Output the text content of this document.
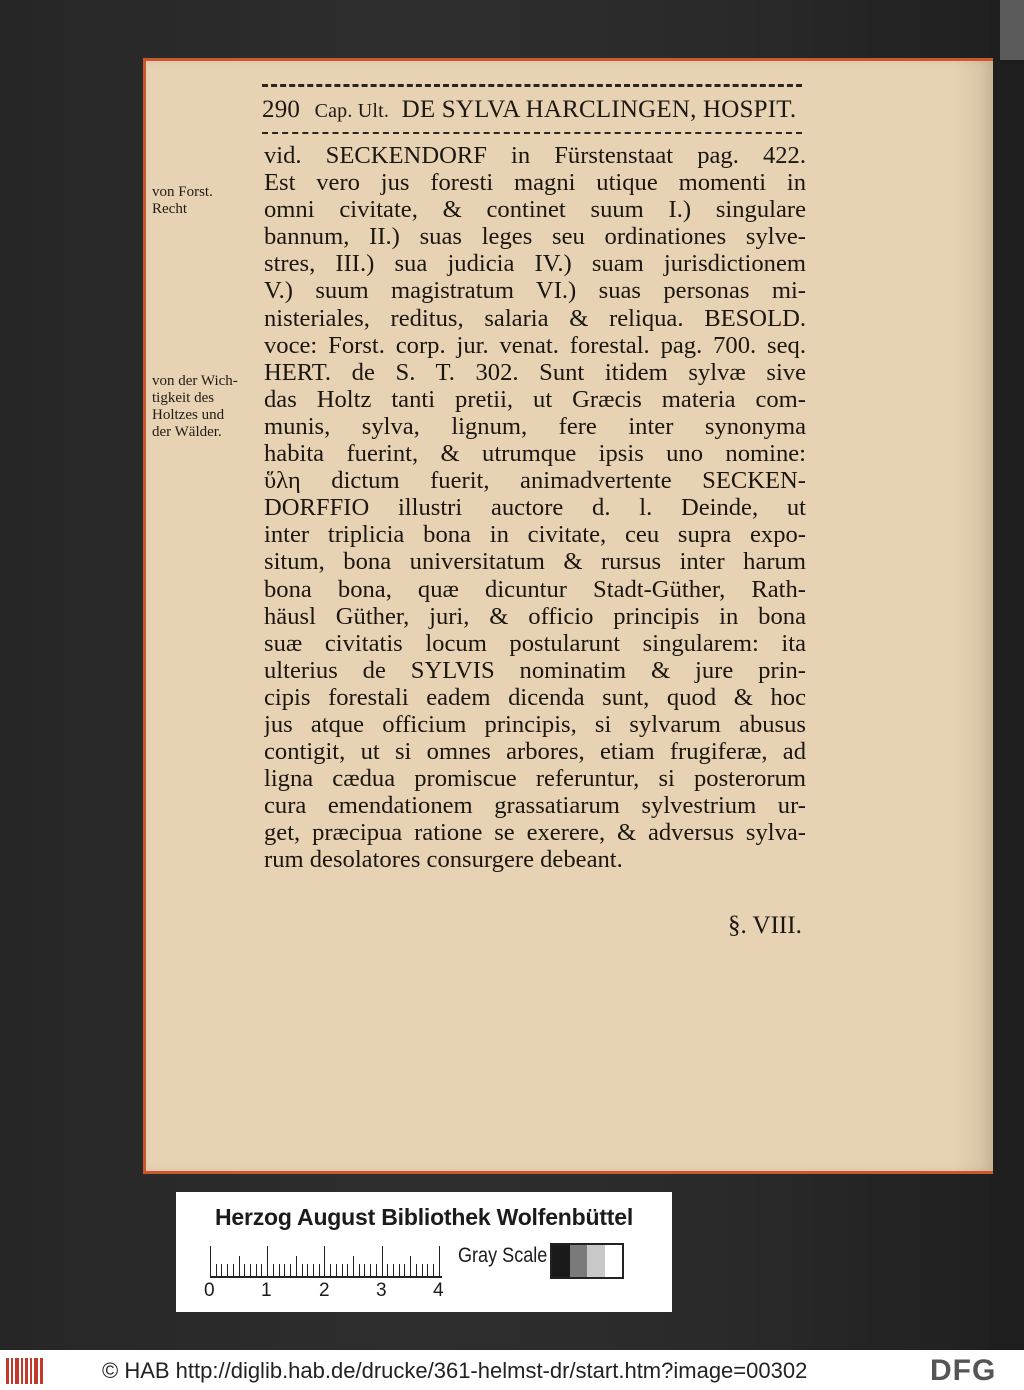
290 Cap. Ult. DE SYLVA HARCLINGEN, HOSPIT.
von Forst.
Recht
von der Wich-
tigkeit des
Holtzes und
der Wälder.
vid. SECKENDORF in Fürstenstaat pag. 422.
Est vero jus foresti magni utique momenti in
omni civitate, & continet suum I.) singulare
bannum, II.) suas leges seu ordinationes sylve-
stres, III.) sua judicia IV.) suam jurisdictionem
V.) suum magistratum VI.) suas personas mi-
nisteriales, reditus, salaria & reliqua. BESOLD.
voce: Forst. corp. jur. venat. forestal. pag. 700. seq.
HERT. de S. T. 302. Sunt itidem sylvæ sive
das Holtz tanti pretii, ut Græcis materia com-
munis, sylva, lignum, fere inter synonyma
habita fuerint, & utrumque ipsis uno nomine:
ὕλη dictum fuerit, animadvertente SECKEN-
DORFFIO illustri auctore d. l. Deinde, ut
inter triplicia bona in civitate, ceu supra expo-
situm, bona universitatum & rursus inter harum
bona bona, quæ dicuntur Stadt-Güther, Rath-
häusl Güther, juri, & officio principis in bona
suæ civitatis locum postularunt singularem: ita
ulterius de SYLVIS nominatim & jure prin-
cipis forestali eadem dicenda sunt, quod & hoc
jus atque officium principis, si sylvarum abusus
contigit, ut si omnes arbores, etiam frugiferæ, ad
ligna cædua promiscue referuntur, si posterorum
cura emendationem grassatiarum sylvestrium ur-
get, præcipua ratione se exerere, & adversus sylva-
rum desolatores consurgere debeant.
§. VIII.
Herzog August Bibliothek Wolfenbüttel
0 1 2 3 4
Gray Scale
© HAB http://diglib.hab.de/drucke/361-helmst-dr/start.htm?image=00302	DFG
